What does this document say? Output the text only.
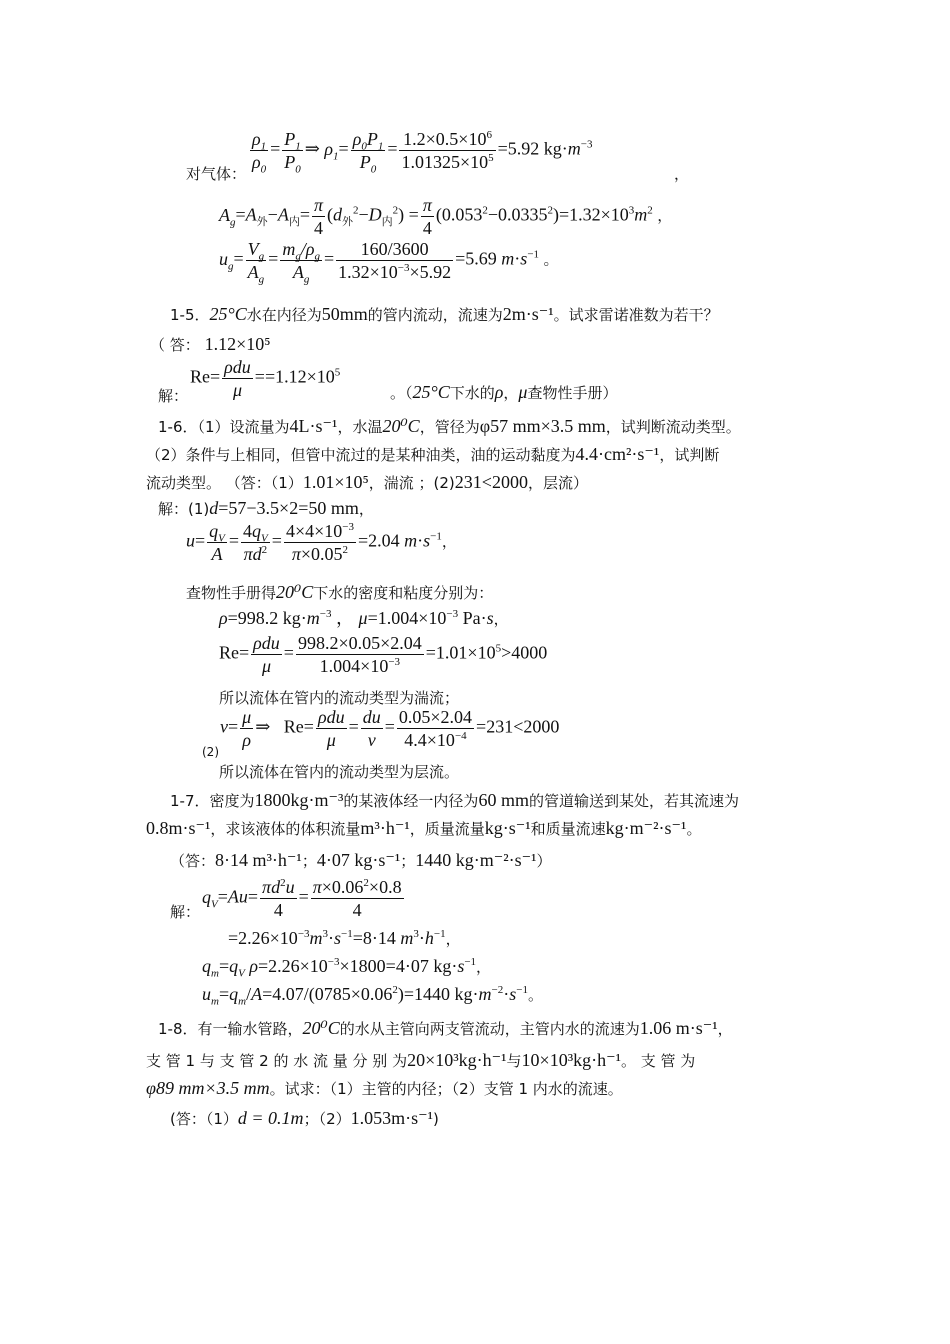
对气体：
$\frac{\rho_1}{\rho_0} = \frac{P_1}{P_0}$ ⇒ $\rho_1= \frac{\rho_0P_1}{P_0} = \frac{1.2\times 0.5\times 10^6}{1.01325\times 10^5} =5.92$ $kg\cdot m^{-3}$
，
$A_g=A_外-A_内= \frac{\pi}{4} (d_外^2-D_内^2) = \frac{\pi}{4} (0.053^2-0.0335^2)=1.32\times 10^3m^2$ ，
$u_g= \frac{V_g}{A_g} = \frac{m_g/\rho_g}{A_g} = \frac{160/3600}{1.32\times 10^{-3}\times 5.92} =5.69$ $m\cdot s^{-1}$ 。
1-5．25°C水在内径为50mm的管内流动，流速为2m·s⁻¹。试求雷诺准数为若干？
（ 答： 1.12×10⁵
解：
Re= ρdu
μ
$==1.12\times 10^5$
。（25°C下水的ρ，μ查物性手册）
1-6．（1）设流量为4L·s⁻¹，水温20⁰C，管径为φ57 mm×3.5 mm，试判断流动类型。
（2）条件与上相同，但管中流过的是某种油类，油的运动黏度为4.4·cm²·s⁻¹，试判断
流动类型。 （答：（1）1.01×10⁵，湍流 ；(2)231<2000，层流）
解：(1)d=57−3.5×2=50 mm，
$u= \frac{q_V}{A} = \frac{4q_V}{\pi d^2} = \frac{4\times 4\times 10^{-3}}{\pi\times 0.05^2} =2.04$ $m\cdot s^{-1}$，
查物性手册得20⁰C下水的密度和粘度分别为：
ρ=998.2 $kg\cdot m^{-3}$ ， $\mu=1.004\times 10^{-3}$ Pa·s，
Re= ρdu
μ
= $\frac{998.2\times 0.05\times 2.04}{1.004\times 10^{-3}} =1.01\times 10^5>4000$
所以流体在管内的流动类型为湍流；
(2)
$\nu= \frac{\mu}{\rho}$ ⇒   Re= ρdu
μ
= $\frac{du}{\nu} = \frac{0.05\times 2.04}{4.4\times 10^{-4}} =231<2000$
所以流体在管内的流动类型为层流。
1-7．密度为1800kg·m⁻³的某液体经一内径为60 mm的管道输送到某处，若其流速为
0.8m·s⁻¹，求该液体的体积流量m³·h⁻¹，质量流量kg·s⁻¹和质量流速kg·m⁻²·s⁻¹。
（答：8·14 m³·h⁻¹；4·07 kg·s⁻¹；1440 kg·m⁻²·s⁻¹）
解：
$q_V=Au= \frac{\pi d^2u}{4} = \frac{\pi\times 0.06^2\times 0.8}{4}$
$=2.26\times 10^{-3}m^3\cdot s^{-1}=8\cdot 14$ $m^3\cdot h^{-1}$，
$q_m=q_V$ $\rho=2.26\times 10^{-3}\times 1800=4\cdot 07$ $kg\cdot s^{-1}$，
$u_m=q_m/A=4.07/(0785\times 0.06^2)=1440$ $kg\cdot m^{-2}\cdot s^{-1}$。
1-8．有一输水管路，20⁰C的水从主管向两支管流动，主管内水的流速为1.06 m·s⁻¹，
支 管 1 与 支 管 2 的 水 流 量 分 别 为20×10³kg·h⁻¹与10×10³kg·h⁻¹。 支 管 为
φ89 mm×3.5 mm。试求：（1）主管的内径；（2）支管 1 内水的流速。
(答：（1）d = 0.1m；（2）1.053m·s⁻¹)
